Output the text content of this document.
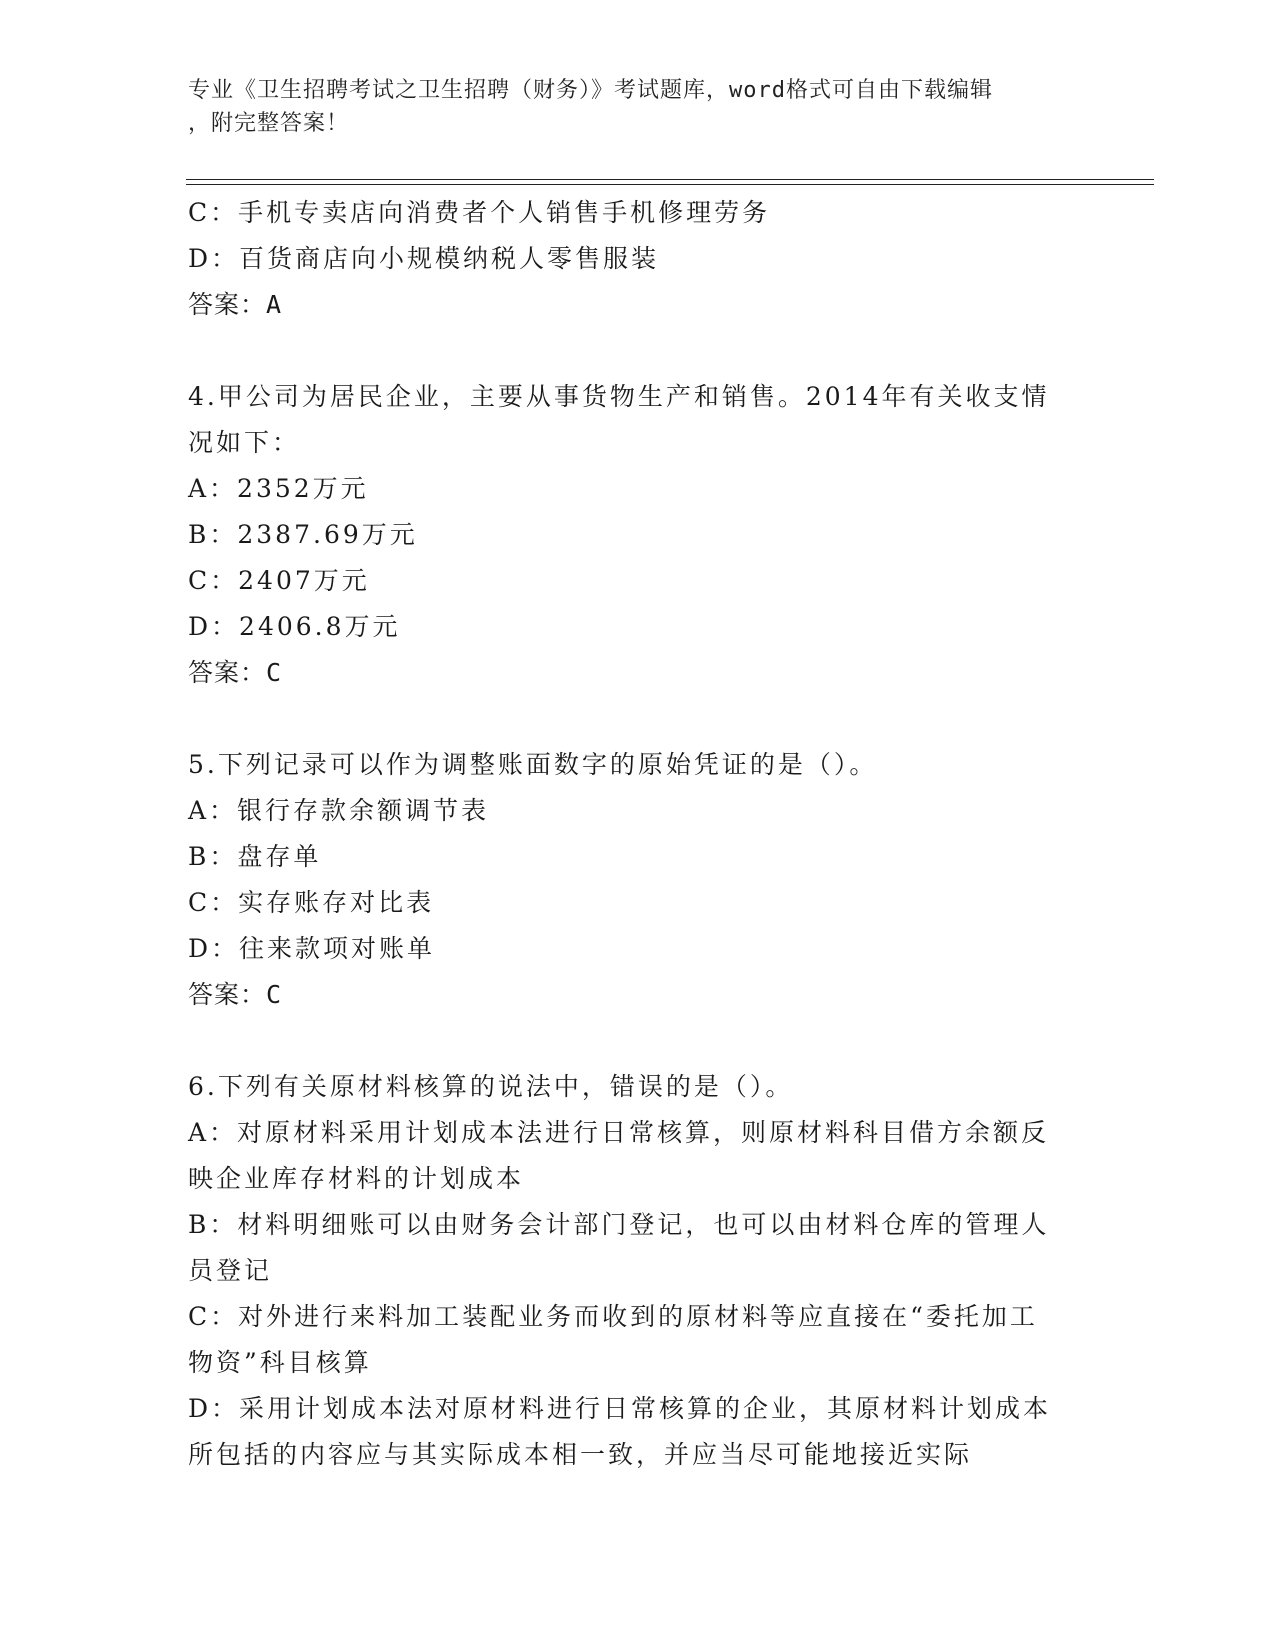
专业《卫生招聘考试之卫生招聘（财务）》考试题库，word格式可自由下载编辑
，附完整答案！
C：手机专卖店向消费者个人销售手机修理劳务
D：百货商店向小规模纳税人零售服装
答案：A
4.甲公司为居民企业，主要从事货物生产和销售。2014年有关收支情
况如下：
A：2352万元
B：2387.69万元
C：2407万元
D：2406.8万元
答案：C
5.下列记录可以作为调整账面数字的原始凭证的是（）。
A：银行存款余额调节表
B：盘存单
C：实存账存对比表
D：往来款项对账单
答案：C
6.下列有关原材料核算的说法中，错误的是（）。
A：对原材料采用计划成本法进行日常核算，则原材料科目借方余额反
映企业库存材料的计划成本
B：材料明细账可以由财务会计部门登记，也可以由材料仓库的管理人
员登记
C：对外进行来料加工装配业务而收到的原材料等应直接在“委托加工
物资”科目核算
D：采用计划成本法对原材料进行日常核算的企业，其原材料计划成本
所包括的内容应与其实际成本相一致，并应当尽可能地接近实际
